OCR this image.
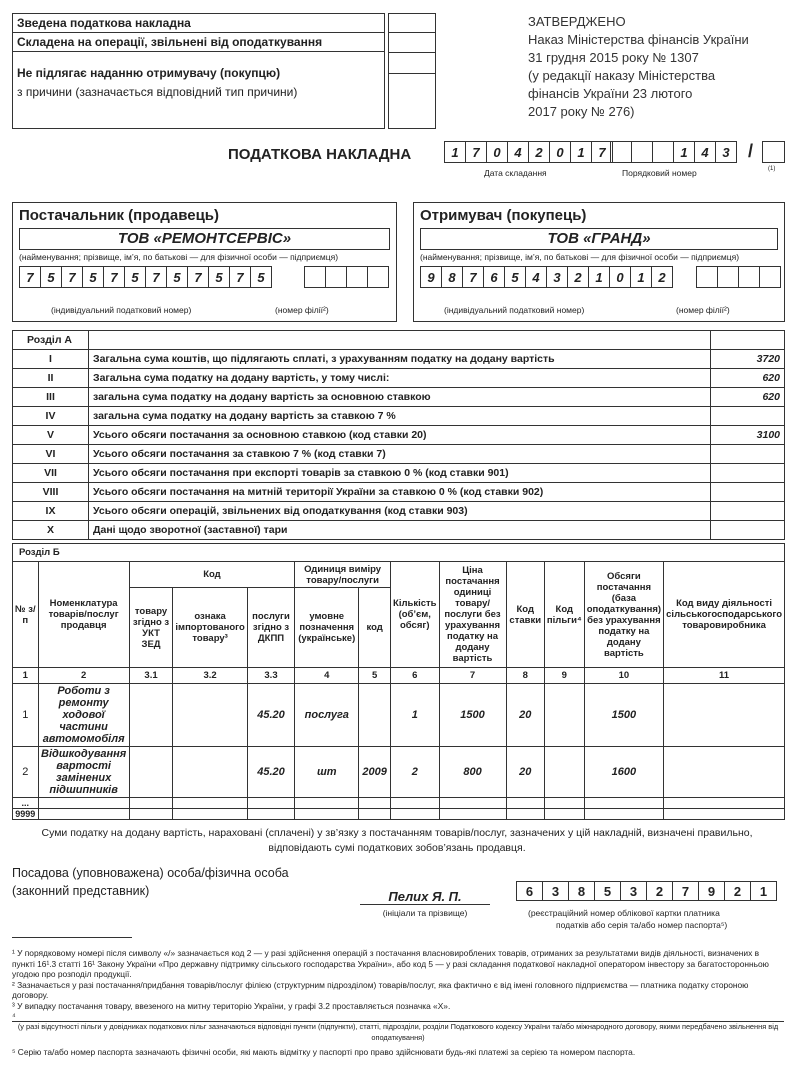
Зведена податкова накладна
Складена на операції, звільнені від оподаткування
Не підлягає наданню отримувачу (покупцю)
з причини (зазначається відповідний тип причини)
ЗАТВЕРДЖЕНО
Наказ Міністерства фінансів України
31 грудня 2015 року № 1307
(у редакції наказу Міністерства
фінансів України 23 лютого
2017 року № 276)
ПОДАТКОВА НАКЛАДНА	1	7	0	4	2	0	1	7	1	4	3	/
Дата складання	Порядковий номер	(1)
Постачальник (продавець)
ТОВ «РЕМОНТСЕРВІС»
(найменування; прізвище, ім’я, по батькові — для фізичної особи — підприємця)
7	5	7	5	7	5	7	5	7	5	7	5
(індивідуальний податковий номер)	(номер філії²)
Отримувач (покупець)
ТОВ «ГРАНД»
(найменування; прізвище, ім’я, по батькові — для фізичної особи — підприємця)
9	8	7	6	5	4	3	2	1	0	1	2
(індивідуальний податковий номер)	(номер філії²)
Розділ А		
I	Загальна сума коштів, що підлягають сплаті, з урахуванням податку на додану вартість	3720
II	Загальна сума податку на додану вартість, у тому числі:	620
III	загальна сума податку на додану вартість за основною ставкою	620
IV	загальна сума податку на додану вартість за ставкою 7 %	
V	Усього обсяги постачання за основною ставкою (код ставки 20)	3100
VI	Усього обсяги постачання за ставкою 7 % (код ставки 7)	
VII	Усього обсяги постачання при експорті товарів за ставкою 0 % (код ставки 901)	
VIII	Усього обсяги постачання на митній території України за ставкою 0 % (код ставки 902)	
IX	Усього обсяги операцій, звільнених від оподаткування (код ставки 903)	
X	Дані щодо зворотної (заставної) тари	
Розділ Б												
№ з/п	Номенклатура товарів/послуг продавця	Код			Одиниця виміру товару/послуги		Кількість (об’єм, обсяг)	Ціна постачання одиниці товару/послуги без урахування податку на додану вартість	Код ставки	Код пільги⁴	Обсяги постачання (база оподаткування) без урахування податку на додану вартість	Код виду діяльності сільськогосподарського товаровиробника
		товару згідно з УКТ ЗЕД	ознака імпортованого товару³	послуги згідно з ДКПП	умовне позначення (українське)	код						
1	2	3.1	3.2	3.3	4	5	6	7	8	9	10	11
1	Роботи з ремонту ходової частини автомомобіля			45.20	послуга		1	1500	20		1500	
2	Відшкодування вартості замінених підшипників			45.20	шт	2009	2	800	20		1600	
...												
9999												
Суми податку на додану вартість, нараховані (сплачені) у зв’язку з постачанням товарів/послуг, зазначених у цій накладній, визначені правильно, відповідають сумі податкових зобов’язань продавця.
Посадова (уповноважена) особа/фізична особа
(законний представник)	Пелих Я. П.
(ініціали та прізвище)
6	3	8	5	3	2	7	9	2	1
(реєстраційний номер облікової картки платника
податків або серія та/або номер паспорта⁵)
¹ У порядковому номері після символу «/» зазначається код 2 — у разі здійснення операцій з постачання власновироблених товарів, отриманих за результатами видів діяльності, визначених в пункті 16¹.3 статті 16¹ Закону України «Про державну підтримку сільського господарства України», або код 5 — у разі складання податкової накладної оператором інвестору за багатосторонньою угодою про розподіл продукції.
² Зазначається у разі постачання/придбання товарів/послуг філією (структурним підрозділом) товарів/послуг, яка фактично є від імені головного підприємства — платника податку стороною договору.
³ У випадку постачання товару, ввезеного на митну територію України, у графі 3.2 проставляється позначка «Х».
⁴
(у разі відсутності пільги у довідниках податкових пільг зазначаються відповідні пункти (підпункти), статті, підрозділи, розділи Податкового кодексу України та/або міжнародного договору, якими передбачено звільнення від оподаткування)
⁵ Серію та/або номер паспорта зазначають фізичні особи, які мають відмітку у паспорті про право здійснювати будь-які платежі за серією та номером паспорта.
